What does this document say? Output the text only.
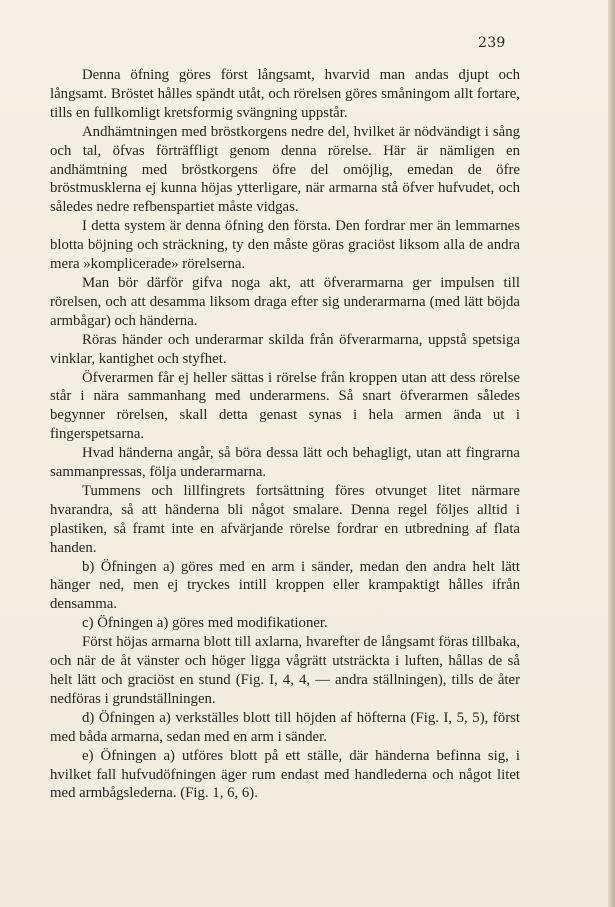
239

Denna öfning göres först långsamt, hvarvid man andas djupt och långsamt. Bröstet hålles spändt utåt, och rörelsen göres småningom allt fortare, tills en fullkomligt kretsformig svängning uppstår.

Andhämtningen med bröstkorgens nedre del, hvilket är nödvändigt i sång och tal, öfvas förträffligt genom denna rörelse. Här är nämligen en andhämtning med bröstkorgens öfre del omöjlig, emedan de öfre bröstmusklerna ej kunna höjas ytterligare, när armarna stå öfver hufvudet, och således nedre refbenspartiet måste vidgas.

I detta system är denna öfning den första. Den fordrar mer än lemmarnes blotta böjning och sträckning, ty den måste göras graciöst liksom alla de andra mera »komplicerade» rörelserna.

Man bör därför gifva noga akt, att öfverarmarna ger impulsen till rörelsen, och att desamma liksom draga efter sig underarmarna (med lätt böjda armbågar) och händerna.

Röras händer och underarmar skilda från öfverarmarna, uppstå spetsiga vinklar, kantighet och styfhet.

Öfverarmen får ej heller sättas i rörelse från kroppen utan att dess rörelse står i nära sammanhang med underarmens. Så snart öfverarmen således begynner rörelsen, skall detta genast synas i hela armen ända ut i fingerspetsarna.

Hvad händerna angår, så böra dessa lätt och behagligt, utan att fingrarna sammanpressas, följa underarmarna.

Tummens och lillfingrets fortsättning föres otvunget litet närmare hvarandra, så att händerna bli något smalare. Denna regel följes alltid i plastiken, så framt inte en afvärjande rörelse fordrar en utbredning af flata handen.

b) Öfningen a) göres med en arm i sänder, medan den andra helt lätt hänger ned, men ej tryckes intill kroppen eller krampaktigt hålles ifrån densamma.

c) Öfningen a) göres med modifikationer.

Först höjas armarna blott till axlarna, hvarefter de långsamt föras tillbaka, och när de åt vänster och höger ligga vågrätt utsträckta i luften, hållas de så helt lätt och graciöst en stund (Fig. I, 4, 4, — andra ställningen), tills de åter nedföras i grundställningen.

d) Öfningen a) verkställes blott till höjden af höfterna (Fig. I, 5, 5), först med båda armarna, sedan med en arm i sänder.

e) Öfningen a) utföres blott på ett ställe, där händerna befinna sig, i hvilket fall hufvudöfningen äger rum endast med handlederna och något litet med armbågslederna. (Fig. 1, 6, 6).
